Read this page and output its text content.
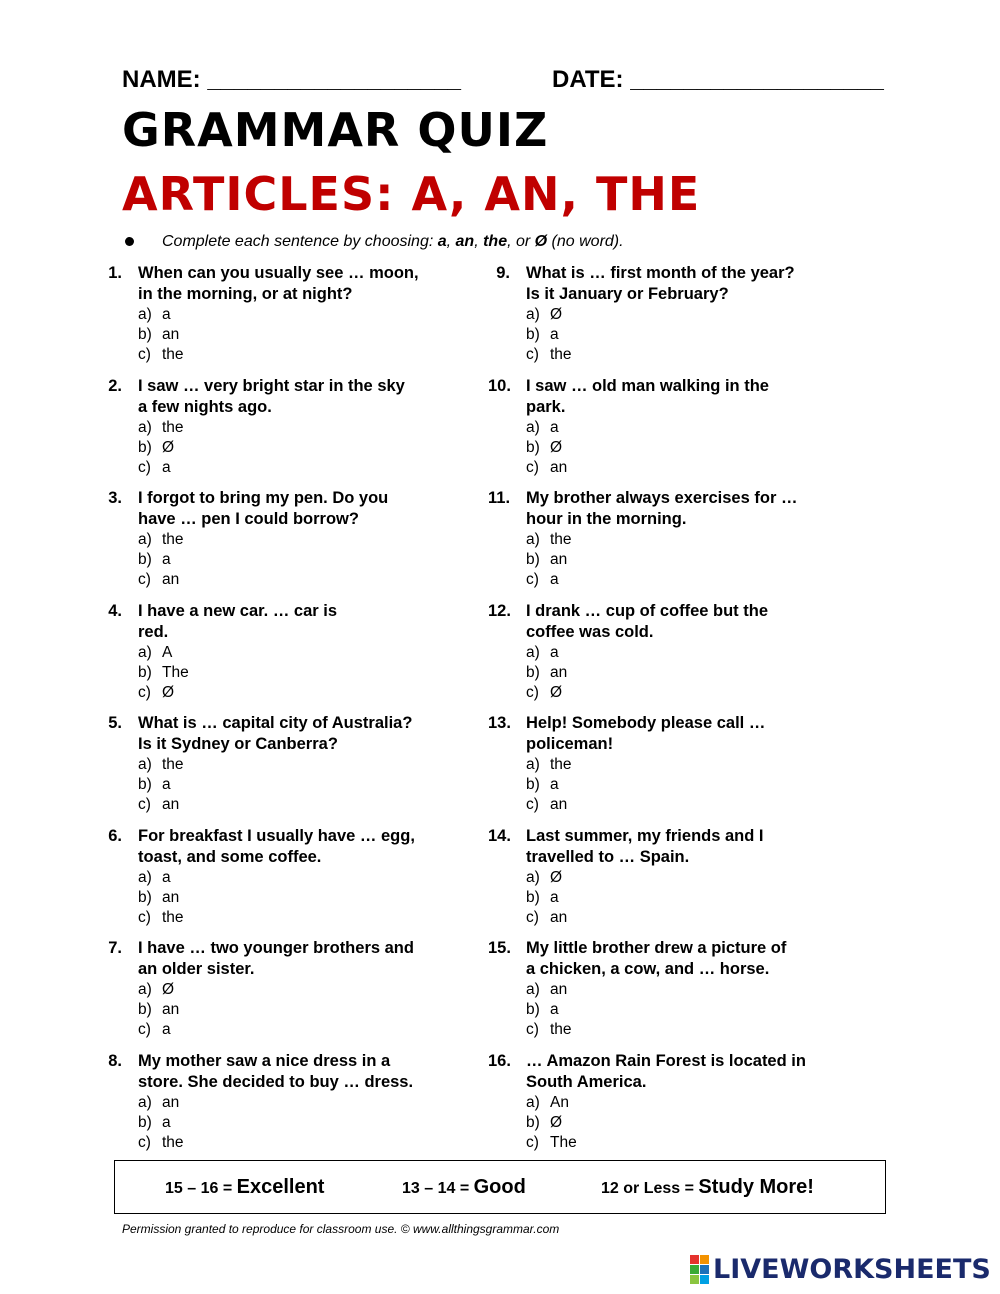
NAME: ___________________	DATE: ___________________
GRAMMAR QUIZ
ARTICLES: A, AN, THE
Complete each sentence by choosing: a, an, the, or Ø (no word).
1. When can you usually see … moon,
in the morning, or at night?
a) a
b) an
c) the
2. I saw … very bright star in the sky
a few nights ago.
a) the
b) Ø
c) a
3. I forgot to bring my pen. Do you
have … pen I could borrow?
a) the
b) a
c) an
4. I have a new car. … car is
red.
a) A
b) The
c) Ø
5. What is … capital city of Australia?
Is it Sydney or Canberra?
a) the
b) a
c) an
6. For breakfast I usually have … egg,
toast, and some coffee.
a) a
b) an
c) the
7. I have … two younger brothers and
an older sister.
a) Ø
b) an
c) a
8. My mother saw a nice dress in a
store. She decided to buy … dress.
a) an
b) a
c) the
9. What is … first month of the year?
Is it January or February?
a) Ø
b) a
c) the
10. I saw … old man walking in the
park.
a) a
b) Ø
c) an
11. My brother always exercises for …
hour in the morning.
a) the
b) an
c) a
12. I drank … cup of coffee but the
coffee was cold.
a) a
b) an
c) Ø
13. Help! Somebody please call …
policeman!
a) the
b) a
c) an
14. Last summer, my friends and I
travelled to … Spain.
a) Ø
b) a
c) an
15. My little brother drew a picture of
a chicken, a cow, and … horse.
a) an
b) a
c) the
16. … Amazon Rain Forest is located in
South America.
a) An
b) Ø
c) The
15 – 16 = Excellent	13 – 14 = Good	12 or Less = Study More!
Permission granted to reproduce for classroom use. © www.allthingsgrammar.com
LIVEWORKSHEETS
